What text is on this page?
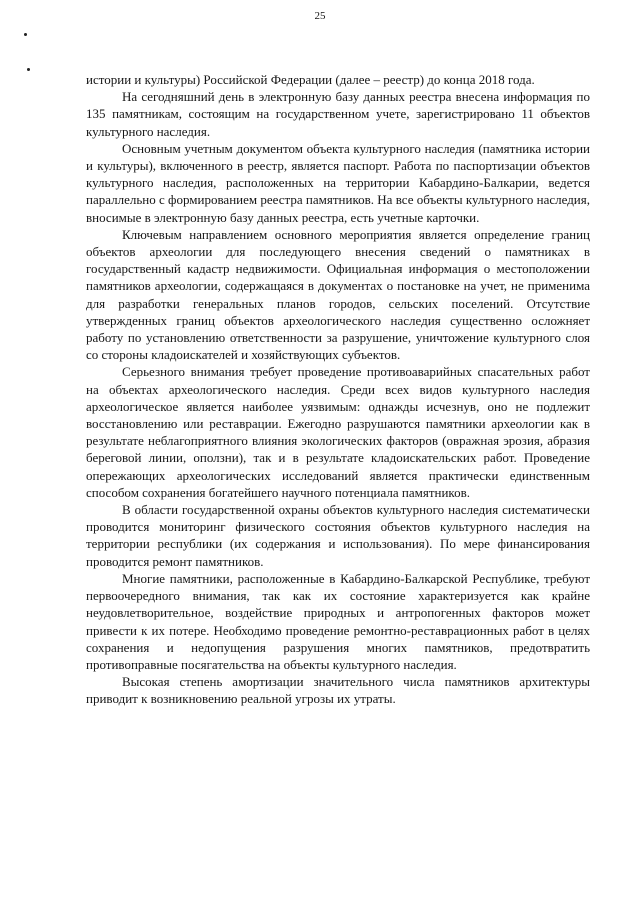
25

истории и культуры) Российской Федерации (далее – реестр) до конца 2018 года.

На сегодняшний день в электронную базу данных реестра внесена информация по 135 памятникам, состоящим на государственном учете, зарегистрировано 11 объектов культурного наследия.

Основным учетным документом объекта культурного наследия (памятника истории и культуры), включенного в реестр, является паспорт. Работа по паспортизации объектов культурного наследия, расположенных на территории Кабардино-Балкарии, ведется параллельно с формированием реестра памятников. На все объекты культурного наследия, вносимые в электронную базу данных реестра, есть учетные карточки.

Ключевым направлением основного мероприятия является определение границ объектов археологии для последующего внесения сведений о памятниках в государственный кадастр недвижимости. Официальная информация о местоположении памятников археологии, содержащаяся в документах о постановке на учет, не применима для разработки генеральных планов городов, сельских поселений. Отсутствие утвержденных границ объектов археологического наследия существенно осложняет работу по установлению ответственности за разрушение, уничтожение культурного слоя со стороны кладоискателей и хозяйствующих субъектов.

Серьезного внимания требует проведение противоаварийных спасательных работ на объектах археологического наследия. Среди всех видов культурного наследия археологическое является наиболее уязвимым: однажды исчезнув, оно не подлежит восстановлению или реставрации. Ежегодно разрушаются памятники археологии как в результате неблагоприятного влияния экологических факторов (овражная эрозия, абразия береговой линии, оползни), так и в результате кладоискательских работ. Проведение опережающих археологических исследований является практически единственным способом сохранения богатейшего научного потенциала памятников.

В области государственной охраны объектов культурного наследия систематически проводится мониторинг физического состояния объектов культурного наследия на территории республики (их содержания и использования). По мере финансирования проводится ремонт памятников.

Многие памятники, расположенные в Кабардино-Балкарской Республике, требуют первоочередного внимания, так как их состояние характеризуется как крайне неудовлетворительное, воздействие природных и антропогенных факторов может привести к их потере. Необходимо проведение ремонтно-реставрационных работ в целях сохранения и недопущения разрушения многих памятников, предотвратить противоправные посягательства на объекты культурного наследия.

Высокая степень амортизации значительного числа памятников архитектуры приводит к возникновению реальной угрозы их утраты.
